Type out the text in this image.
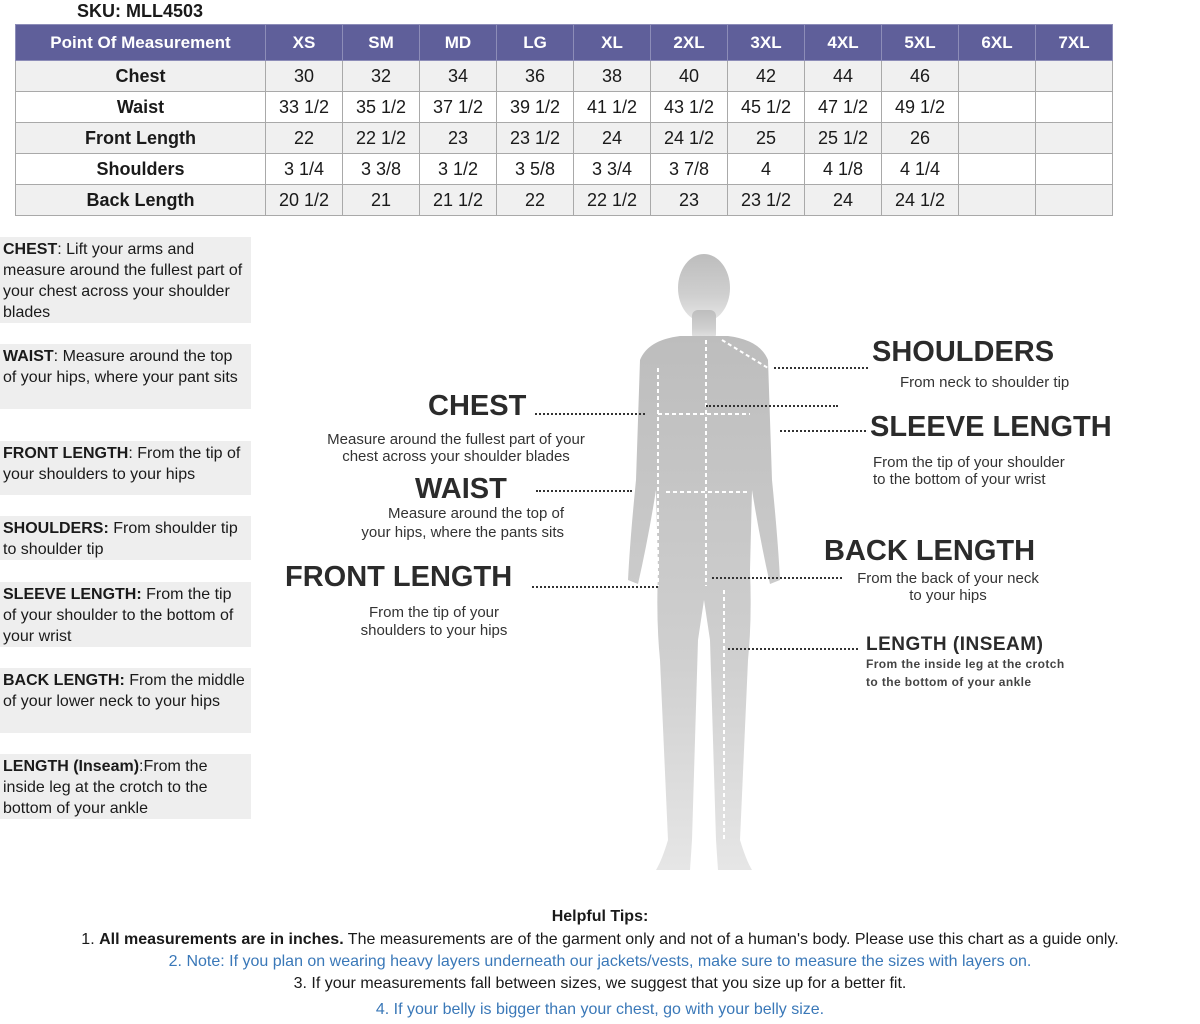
SKU: MLL4503
Point Of Measurement	XS	SM	MD	LG	XL	2XL	3XL	4XL	5XL	6XL	7XL
Chest	30	32	34	36	38	40	42	44	46		
Waist	33 1/2	35 1/2	37 1/2	39 1/2	41 1/2	43 1/2	45 1/2	47 1/2	49 1/2		
Front Length	22	22 1/2	23	23 1/2	24	24 1/2	25	25 1/2	26		
Shoulders	3 1/4	3 3/8	3 1/2	3 5/8	3 3/4	3 7/8	4	4 1/8	4 1/4		
Back Length	20 1/2	21	21 1/2	22	22 1/2	23	23 1/2	24	24 1/2		
CHEST: Lift your arms and measure around the fullest part of your chest across your shoulder blades
WAIST: Measure around the top of your hips, where your pant sits
FRONT LENGTH: From the tip of your shoulders to your hips
SHOULDERS: From shoulder tip to shoulder tip
SLEEVE LENGTH: From the tip of your shoulder to the bottom of your wrist
BACK LENGTH: From the middle of your lower neck to your hips
LENGTH (Inseam):From the inside leg at the crotch to the bottom of your ankle
SHOULDERS
From neck to shoulder tip
CHEST
Measure around the fullest part of your
chest across your shoulder blades
SLEEVE LENGTH
From the tip of your shoulder
to the bottom of your wrist
WAIST
Measure around the top of
your hips, where the pants sits
BACK LENGTH
From the back of your neck
to your hips
FRONT LENGTH
From the tip of your
shoulders to your hips
LENGTH (INSEAM)
From the inside leg at the crotch
to the bottom of your ankle
Helpful Tips:
1. All measurements are in inches. The measurements are of the garment only and not of a human's body. Please use this chart as a guide only.
2. Note: If you plan on wearing heavy layers underneath our jackets/vests, make sure to measure the sizes with layers on.
3. If your measurements fall between sizes, we suggest that you size up for a better fit.
4. If your belly is bigger than your chest, go with your belly size.
